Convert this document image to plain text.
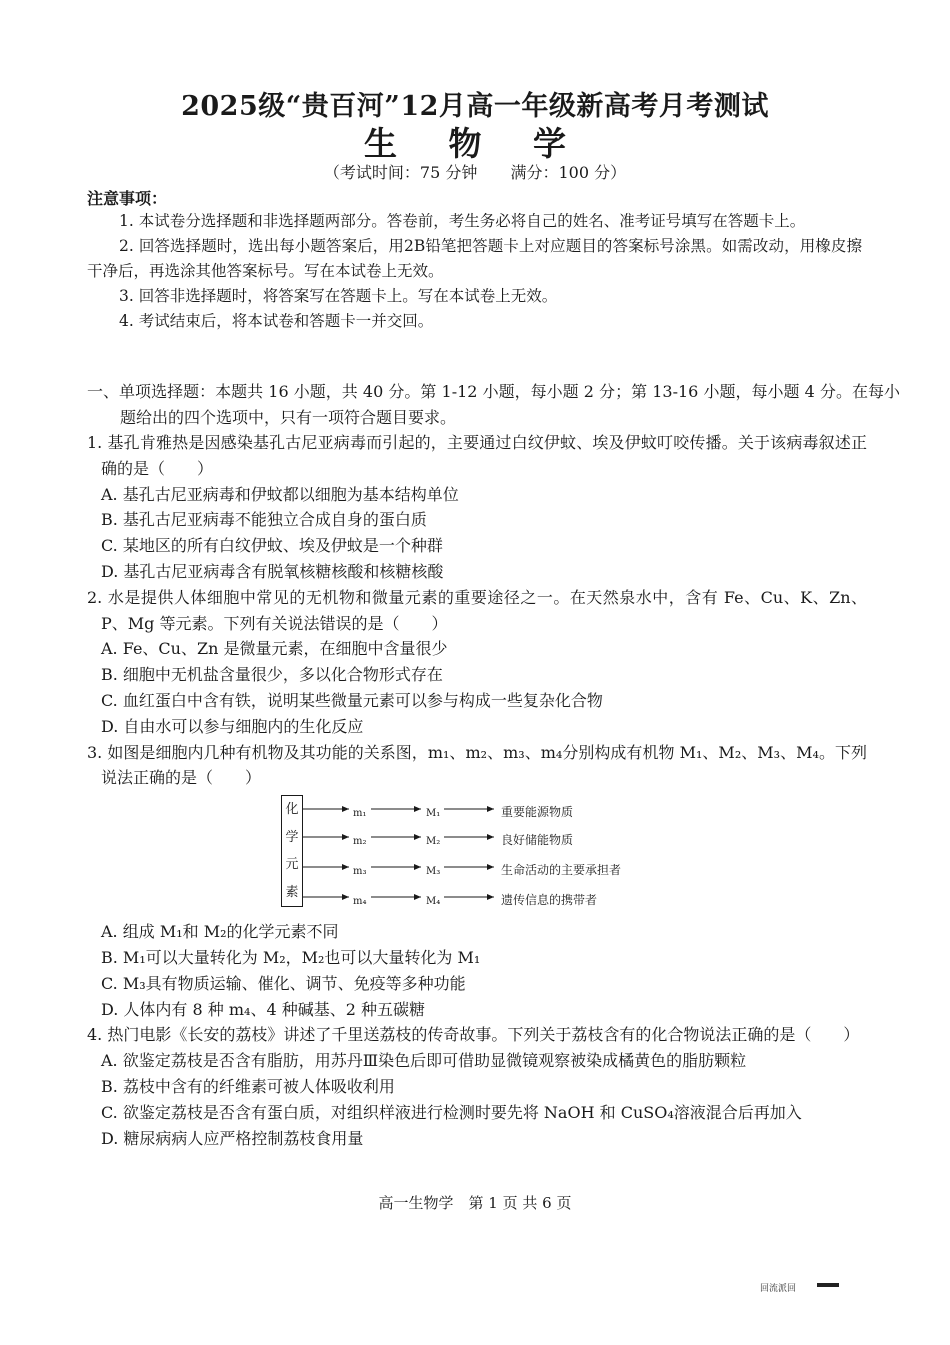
2025级“贵百河”12月高一年级新高考月考测试
生 物 学
（考试时间：75 分钟 满分：100 分）
注意事项：

1. 本试卷分选择题和非选择题两部分。答卷前，考生务必将自己的姓名、准考证号填写在答题卡上。

2. 回答选择题时，选出每小题答案后，用2B铅笔把答题卡上对应题目的答案标号涂黑。如需改动，用橡皮擦干净后，再选涂其他答案标号。写在本试卷上无效。

3. 回答非选择题时，将答案写在答题卡上。写在本试卷上无效。

4. 考试结束后，将本试卷和答题卡一并交回。

一、单项选择题：本题共 16 小题，共 40 分。第 1-12 小题，每小题 2 分；第 13-16 小题，每小题 4 分。在每小题给出的四个选项中，只有一项符合题目要求。
1. 基孔肯雅热是因感染基孔古尼亚病毒而引起的，主要通过白纹伊蚊、埃及伊蚊叮咬传播。关于该病毒叙述正确的是（　　）
A. 基孔古尼亚病毒和伊蚊都以细胞为基本结构单位
B. 基孔古尼亚病毒不能独立合成自身的蛋白质
C. 某地区的所有白纹伊蚊、埃及伊蚊是一个种群
D. 基孔古尼亚病毒含有脱氧核糖核酸和核糖核酸
2. 水是提供人体细胞中常见的无机物和微量元素的重要途径之一。在天然泉水中，含有 Fe、Cu、K、Zn、P、Mg 等元素。下列有关说法错误的是（　　）
A. Fe、Cu、Zn 是微量元素，在细胞中含量很少
B. 细胞中无机盐含量很少，多以化合物形式存在
C. 血红蛋白中含有铁，说明某些微量元素可以参与构成一些复杂化合物
D. 自由水可以参与细胞内的生化反应
3. 如图是细胞内几种有机物及其功能的关系图，m₁、m₂、m₃、m₄分别构成有机物 M₁、M₂、M₃、M₄。下列说法正确的是（　　）
化
学
元
素
m₁
m₂
m₃
m₄
M₁
M₂
M₃
M₄
重要能源物质
良好储能物质
生命活动的主要承担者
遗传信息的携带者
A. 组成 M₁和 M₂的化学元素不同
B. M₁可以大量转化为 M₂，M₂也可以大量转化为 M₁
C. M₃具有物质运输、催化、调节、免疫等多种功能
D. 人体内有 8 种 m₄、4 种碱基、2 种五碳糖
4. 热门电影《长安的荔枝》讲述了千里送荔枝的传奇故事。下列关于荔枝含有的化合物说法正确的是（　　）
A. 欲鉴定荔枝是否含有脂肪，用苏丹Ⅲ染色后即可借助显微镜观察被染成橘黄色的脂肪颗粒
B. 荔枝中含有的纤维素可被人体吸收利用
C. 欲鉴定荔枝是否含有蛋白质，对组织样液进行检测时要先将 NaOH 和 CuSO₄溶液混合后再加入
D. 糖尿病病人应严格控制荔枝食用量
高一生物学　第 1 页 共 6 页
回流派回
